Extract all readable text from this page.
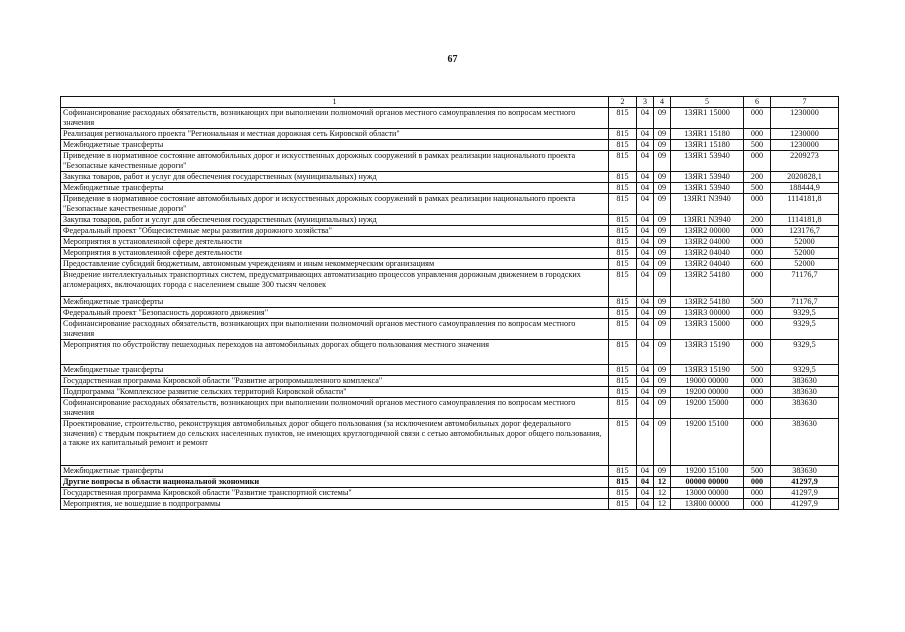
67
1	2	3	4	5	6	7
Софинансирование расходных обязательств, возникающих при выполнении полномочий органов местного самоуправления по вопросам местного значения	815	04	09	13ЯR1 15000	000	1230000
Реализация регионального проекта "Региональная и местная дорожная сеть Кировской области"	815	04	09	13ЯR1 15180	000	1230000
Межбюджетные трансферты	815	04	09	13ЯR1 15180	500	1230000
Приведение в нормативное состояние автомобильных дорог и искусственных дорожных сооружений в рамках реализации национального проекта "Безопасные качественные дороги"	815	04	09	13ЯR1 53940	000	2209273
Закупка товаров, работ и услуг для обеспечения государственных (муниципальных) нужд	815	04	09	13ЯR1 53940	200	2020828,1
Межбюджетные трансферты	815	04	09	13ЯR1 53940	500	188444,9
Приведение в нормативное состояние автомобильных дорог и искусственных дорожных сооружений в рамках реализации национального проекта "Безопасные качественные дороги"	815	04	09	13ЯR1 N3940	000	1114181,8
Закупка товаров, работ и услуг для обеспечения государственных (муниципальных) нужд	815	04	09	13ЯR1 N3940	200	1114181,8
Федеральный проект "Общесистемные меры развития дорожного хозяйства"	815	04	09	13ЯR2 00000	000	123176,7
Мероприятия в установленной сфере деятельности	815	04	09	13ЯR2 04000	000	52000
Мероприятия в установленной сфере деятельности	815	04	09	13ЯR2 04040	000	52000
Предоставление субсидий бюджетным, автономным учреждениям и иным некоммерческим организациям	815	04	09	13ЯR2 04040	600	52000
Внедрение интеллектуальных транспортных систем, предусматривающих автоматизацию процессов управления дорожным движением в городских агломерациях, включающих города с населением свыше 300 тысяч человек	815	04	09	13ЯR2 54180	000	71176,7
Межбюджетные трансферты	815	04	09	13ЯR2 54180	500	71176,7
Федеральный проект "Безопасность дорожного движения"	815	04	09	13ЯR3 00000	000	9329,5
Софинансирование расходных обязательств, возникающих при выполнении полномочий органов местного самоуправления по вопросам местного значения	815	04	09	13ЯR3 15000	000	9329,5
Мероприятия по обустройству пешеходных переходов на автомобильных дорогах общего пользования местного значения	815	04	09	13ЯR3 15190	000	9329,5
Межбюджетные трансферты	815	04	09	13ЯR3 15190	500	9329,5
Государственная программа Кировской области "Развитие агропромышленного комплекса"	815	04	09	19000 00000	000	383630
Подпрограмма "Комплексное развитие сельских территорий Кировской области"	815	04	09	19200 00000	000	383630
Софинансирование расходных обязательств, возникающих при выполнении полномочий органов местного самоуправления по вопросам местного значения	815	04	09	19200 15000	000	383630
Проектирование, строительство, реконструкция автомобильных дорог общего пользования (за исключением автомобильных дорог федерального значения) с твердым покрытием до сельских населенных пунктов, не имеющих круглогодичной связи с сетью автомобильных дорог общего пользования, а также их капитальный ремонт и ремонт	815	04	09	19200 15100	000	383630
Межбюджетные трансферты	815	04	09	19200 15100	500	383630
Другие вопросы в области национальной экономики	815	04	12	00000 00000	000	41297,9
Государственная программа Кировской области "Развитие транспортной системы"	815	04	12	13000 00000	000	41297,9
Мероприятия, не вошедшие в подпрограммы	815	04	12	13Я00 00000	000	41297,9
